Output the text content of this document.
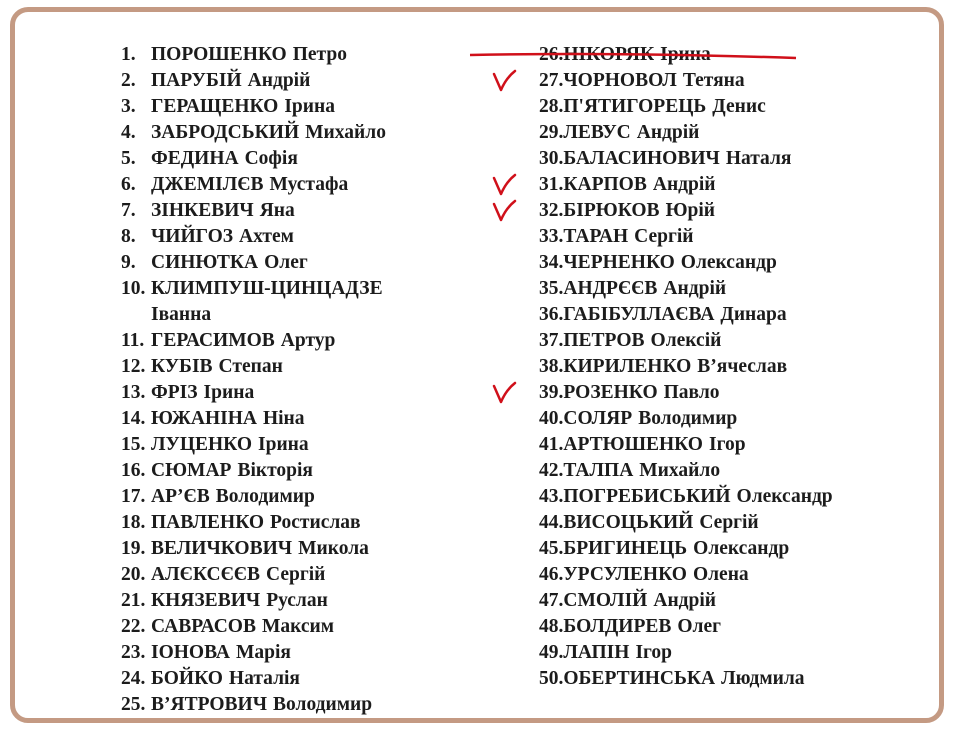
1. ПОРОШЕНКО Петро
2. ПАРУБІЙ Андрій
3. ГЕРАЩЕНКО Ірина
4. ЗАБРОДСЬКИЙ Михайло
5. ФЕДИНА Софія
6. ДЖЕМІЛЄВ Мустафа
7. ЗІНКЕВИЧ Яна
8. ЧИЙГОЗ Ахтем
9. СИНЮТКА Олег
10. КЛИМПУШ-ЦИНЦАДЗЕ
Іванна
11. ГЕРАСИМОВ Артур
12. КУБІВ Степан
13. ФРІЗ Ірина
14. ЮЖАНІНА Ніна
15. ЛУЦЕНКО Ірина
16. СЮМАР Вікторія
17. АР’ЄВ Володимир
18. ПАВЛЕНКО Ростислав
19. ВЕЛИЧКОВИЧ Микола
20. АЛЄКСЄЄВ Сергій
21. КНЯЗЕВИЧ Руслан
22. САВРАСОВ Максим
23. ІОНОВА Марія
24. БОЙКО Наталія
25. В’ЯТРОВИЧ Володимир
26. НІКОРЯК Ірина
27. ЧОРНОВОЛ Тетяна
28. П'ЯТИГОРЕЦЬ Денис
29. ЛЕВУС Андрій
30. БАЛАСИНОВИЧ Наталя
31. КАРПОВ Андрій
32. БІРЮКОВ Юрій
33. ТАРАН Сергій
34. ЧЕРНЕНКО Олександр
35. АНДРЄЄВ Андрій
36. ГАБІБУЛЛАЄВА Динара
37. ПЕТРОВ Олексій
38. КИРИЛЕНКО В’ячеслав
39. РОЗЕНКО Павло
40. СОЛЯР Володимир
41. АРТЮШЕНКО Ігор
42. ТАЛПА Михайло
43. ПОГРЕБИСЬКИЙ Олександр
44. ВИСОЦЬКИЙ Сергій
45. БРИГИНЕЦЬ Олександр
46. УРСУЛЕНКО Олена
47. СМОЛІЙ Андрій
48. БОЛДИРЕВ Олег
49. ЛАПІН Ігор
50. ОБЕРТИНСЬКА Людмила
